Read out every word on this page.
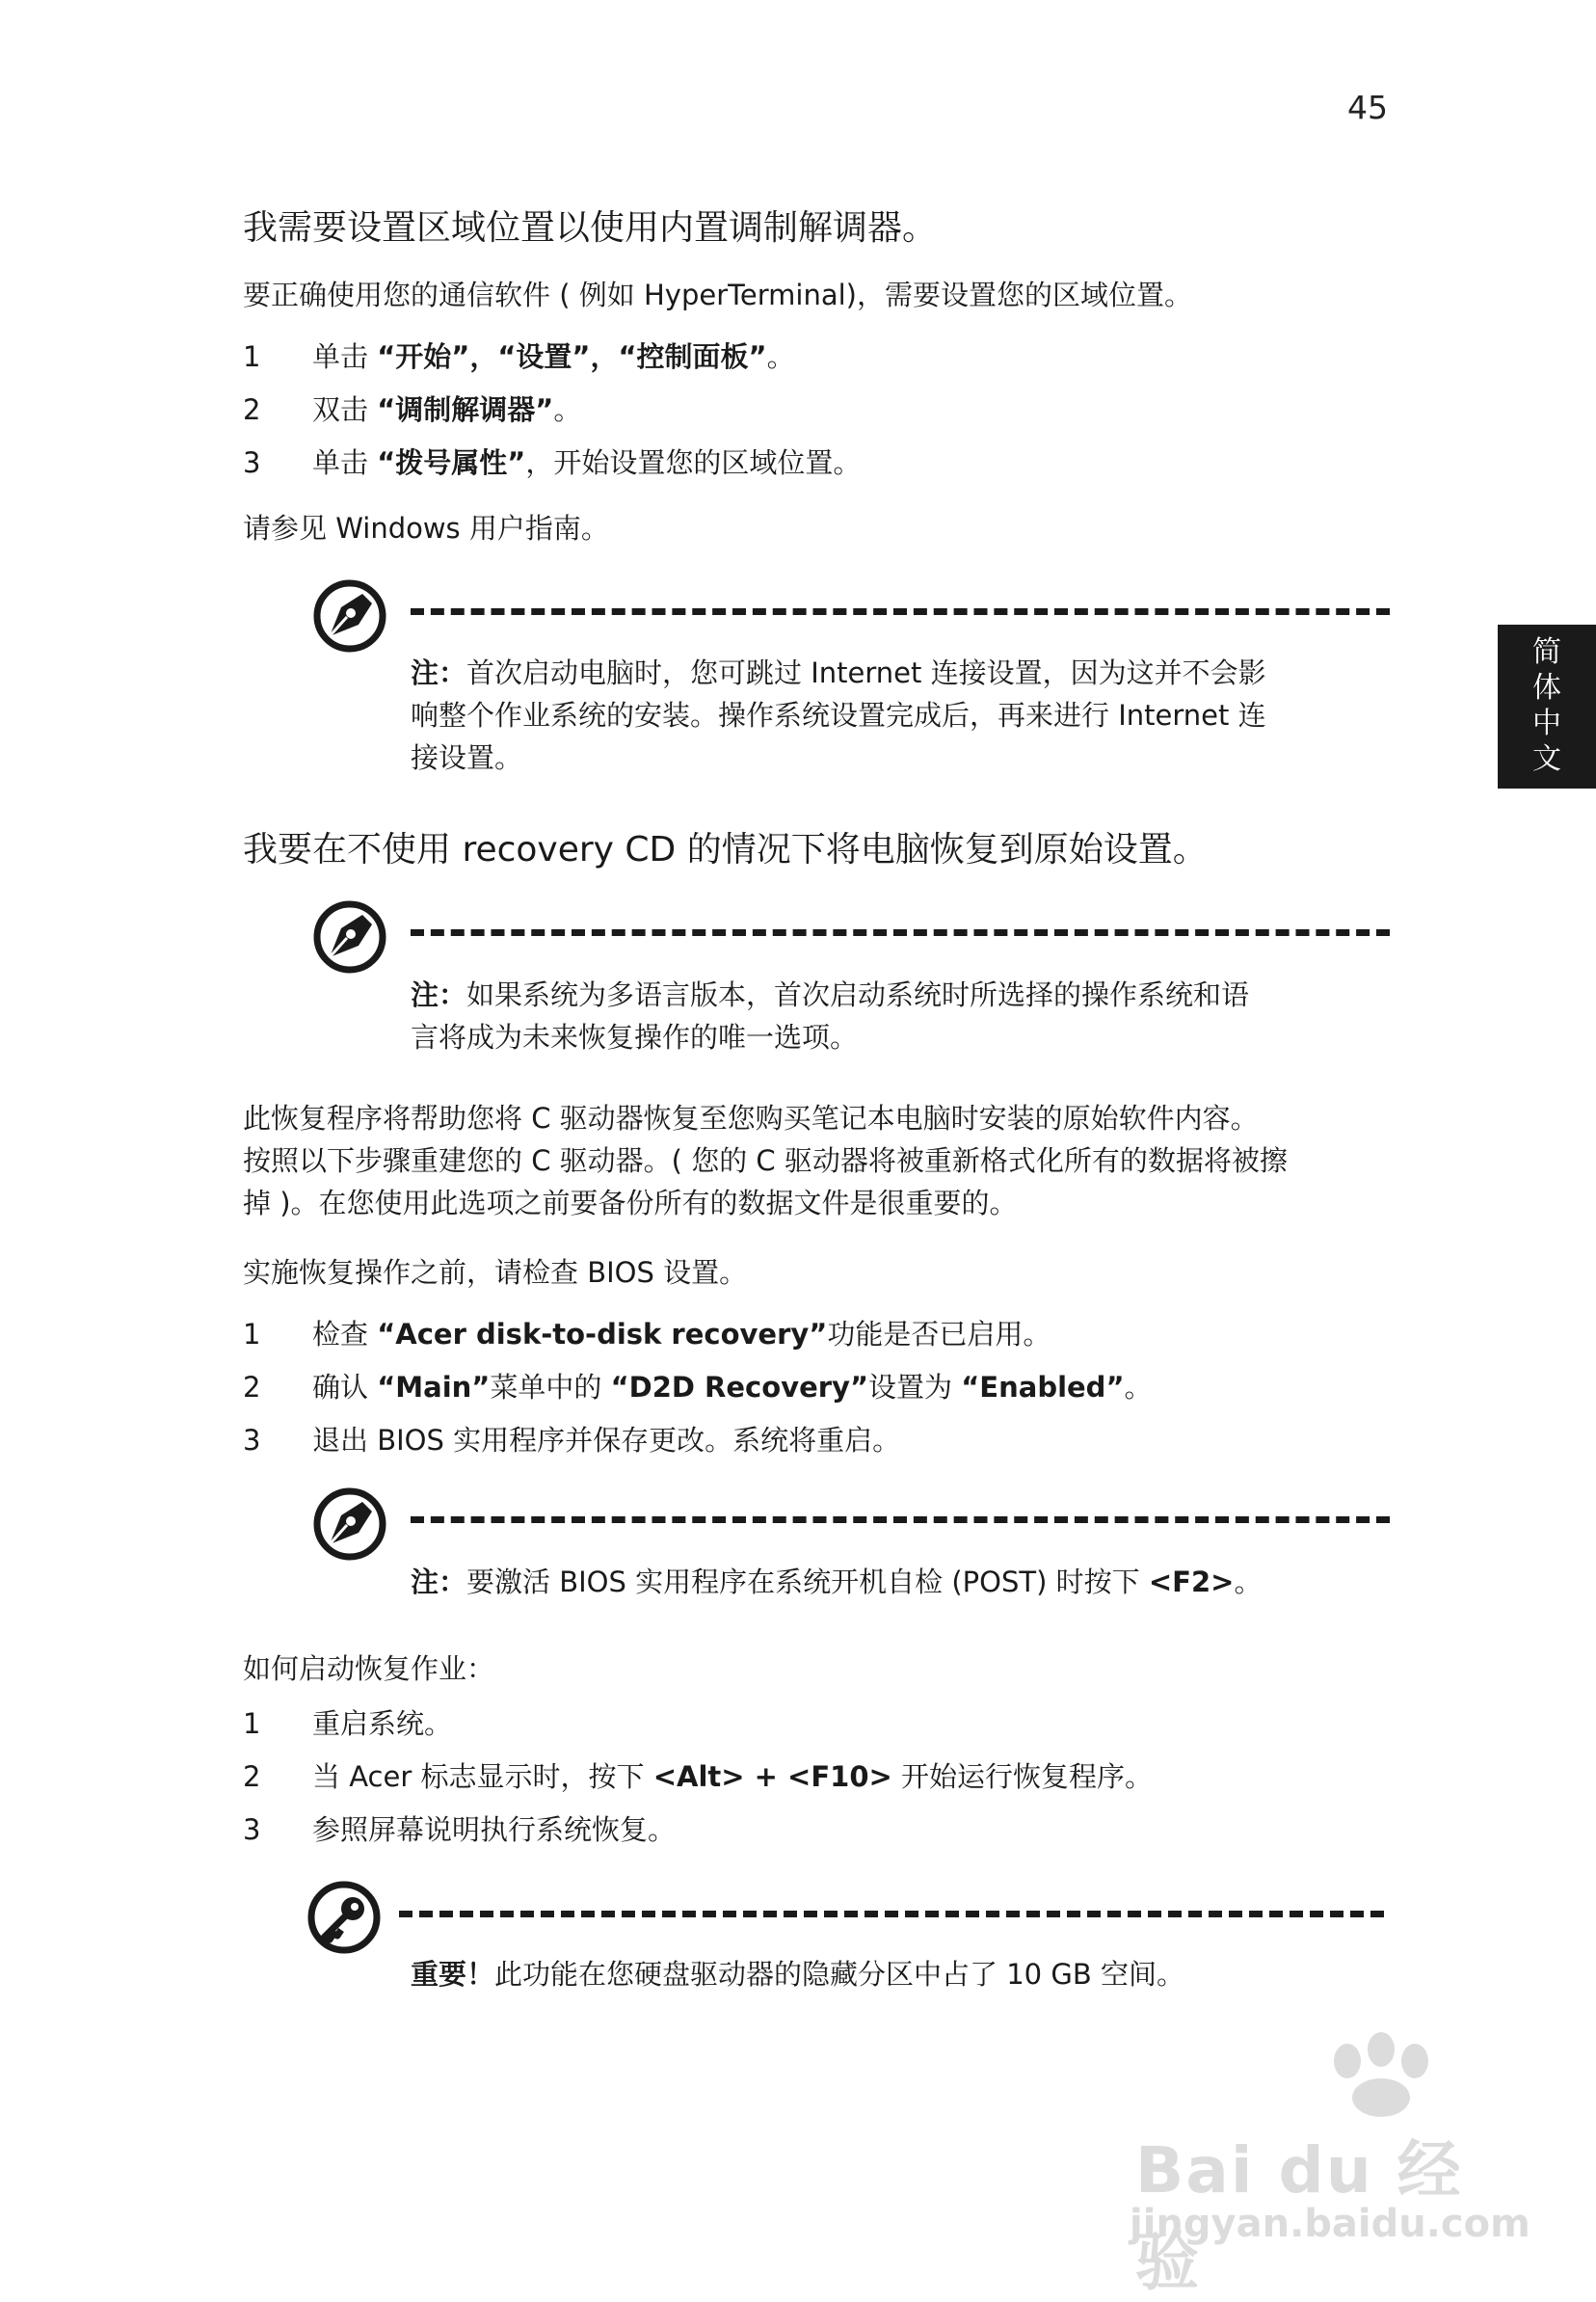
45
简
体
中
文
我需要设置区域位置以使用内置调制解调器。
要正确使用您的通信软件 ( 例如 HyperTerminal)，需要设置您的区域位置。
1 单击 “开始”，“设置”，“控制面板”。
2 双击 “调制解调器”。
3 单击 “拨号属性”，开始设置您的区域位置。
请参见 Windows 用户指南。
注：首次启动电脑时，您可跳过 Internet 连接设置，因为这并不会影
响整个作业系统的安装。操作系统设置完成后，再来进行 Internet 连
接设置。
我要在不使用 recovery CD 的情况下将电脑恢复到原始设置。
注：如果系统为多语言版本，首次启动系统时所选择的操作系统和语
言将成为未来恢复操作的唯一选项。
此恢复程序将帮助您将 C 驱动器恢复至您购买笔记本电脑时安装的原始软件内容。
按照以下步骤重建您的 C 驱动器。( 您的 C 驱动器将被重新格式化所有的数据将被擦
掉 )。在您使用此选项之前要备份所有的数据文件是很重要的。
实施恢复操作之前，请检查 BIOS 设置。
1 检查 “Acer disk-to-disk recovery”功能是否已启用。
2 确认 “Main”菜单中的 “D2D Recovery”设置为 “Enabled”。
3 退出 BIOS 实用程序并保存更改。系统将重启。
注：要激活 BIOS 实用程序在系统开机自检 (POST) 时按下 <F2>。
如何启动恢复作业：
1 重启系统。
2 当 Acer 标志显示时，按下 <Alt> + <F10> 开始运行恢复程序。
3 参照屏幕说明执行系统恢复。
重要！此功能在您硬盘驱动器的隐藏分区中占了 10 GB 空间。
Bai du 经验
jingyan.baidu.com
